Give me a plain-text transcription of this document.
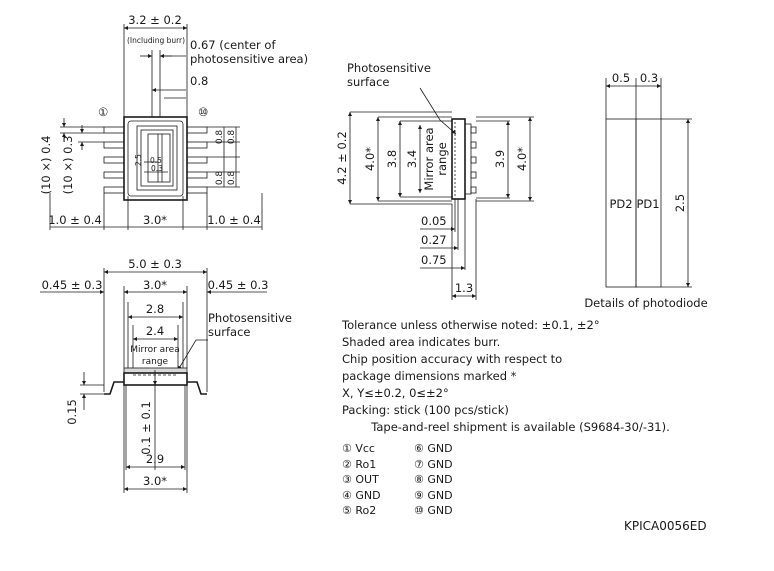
3.2 ± 0.2
(Including burr) 0.67 (center of
photosensitive area)
0.8
①	⑩
(10 ×) 0.4 (10 ×) 0.3	0.8
0.8
0.8
0.8
2.5 0.5
0.3
1.0 ± 0.4	3.0*	1.0 ± 0.4
Photosensitive
surface
4.2 ± 0.2 4.0* 3.8 3.4 Mirror area range	3.9 4.0*
0.05
0.27
0.75
1.3
5.0 ± 0.3
0.45 ± 0.3	3.0*	0.45 ± 0.3
2.8
2.4
Mirror area
range
Photosensitive
surface
0.15	0.1 ± 0.1
2.9
3.0*
0.5 0.3
PD2 PD1 2.5
Details of photodiode
Tolerance unless otherwise noted: ±0.1, ±2°
Shaded area indicates burr.
Chip position accuracy with respect to
package dimensions marked *
X, Y≤±0.2, 0≤±2°
Packing: stick (100 pcs/stick)
Tape-and-reel shipment is available (S9684-30/-31).
① Vcc	⑥ GND
② Ro1	⑦ GND
③ OUT	⑧ GND
④ GND	⑨ GND
⑤ Ro2	⑩ GND
KPICA0056ED
